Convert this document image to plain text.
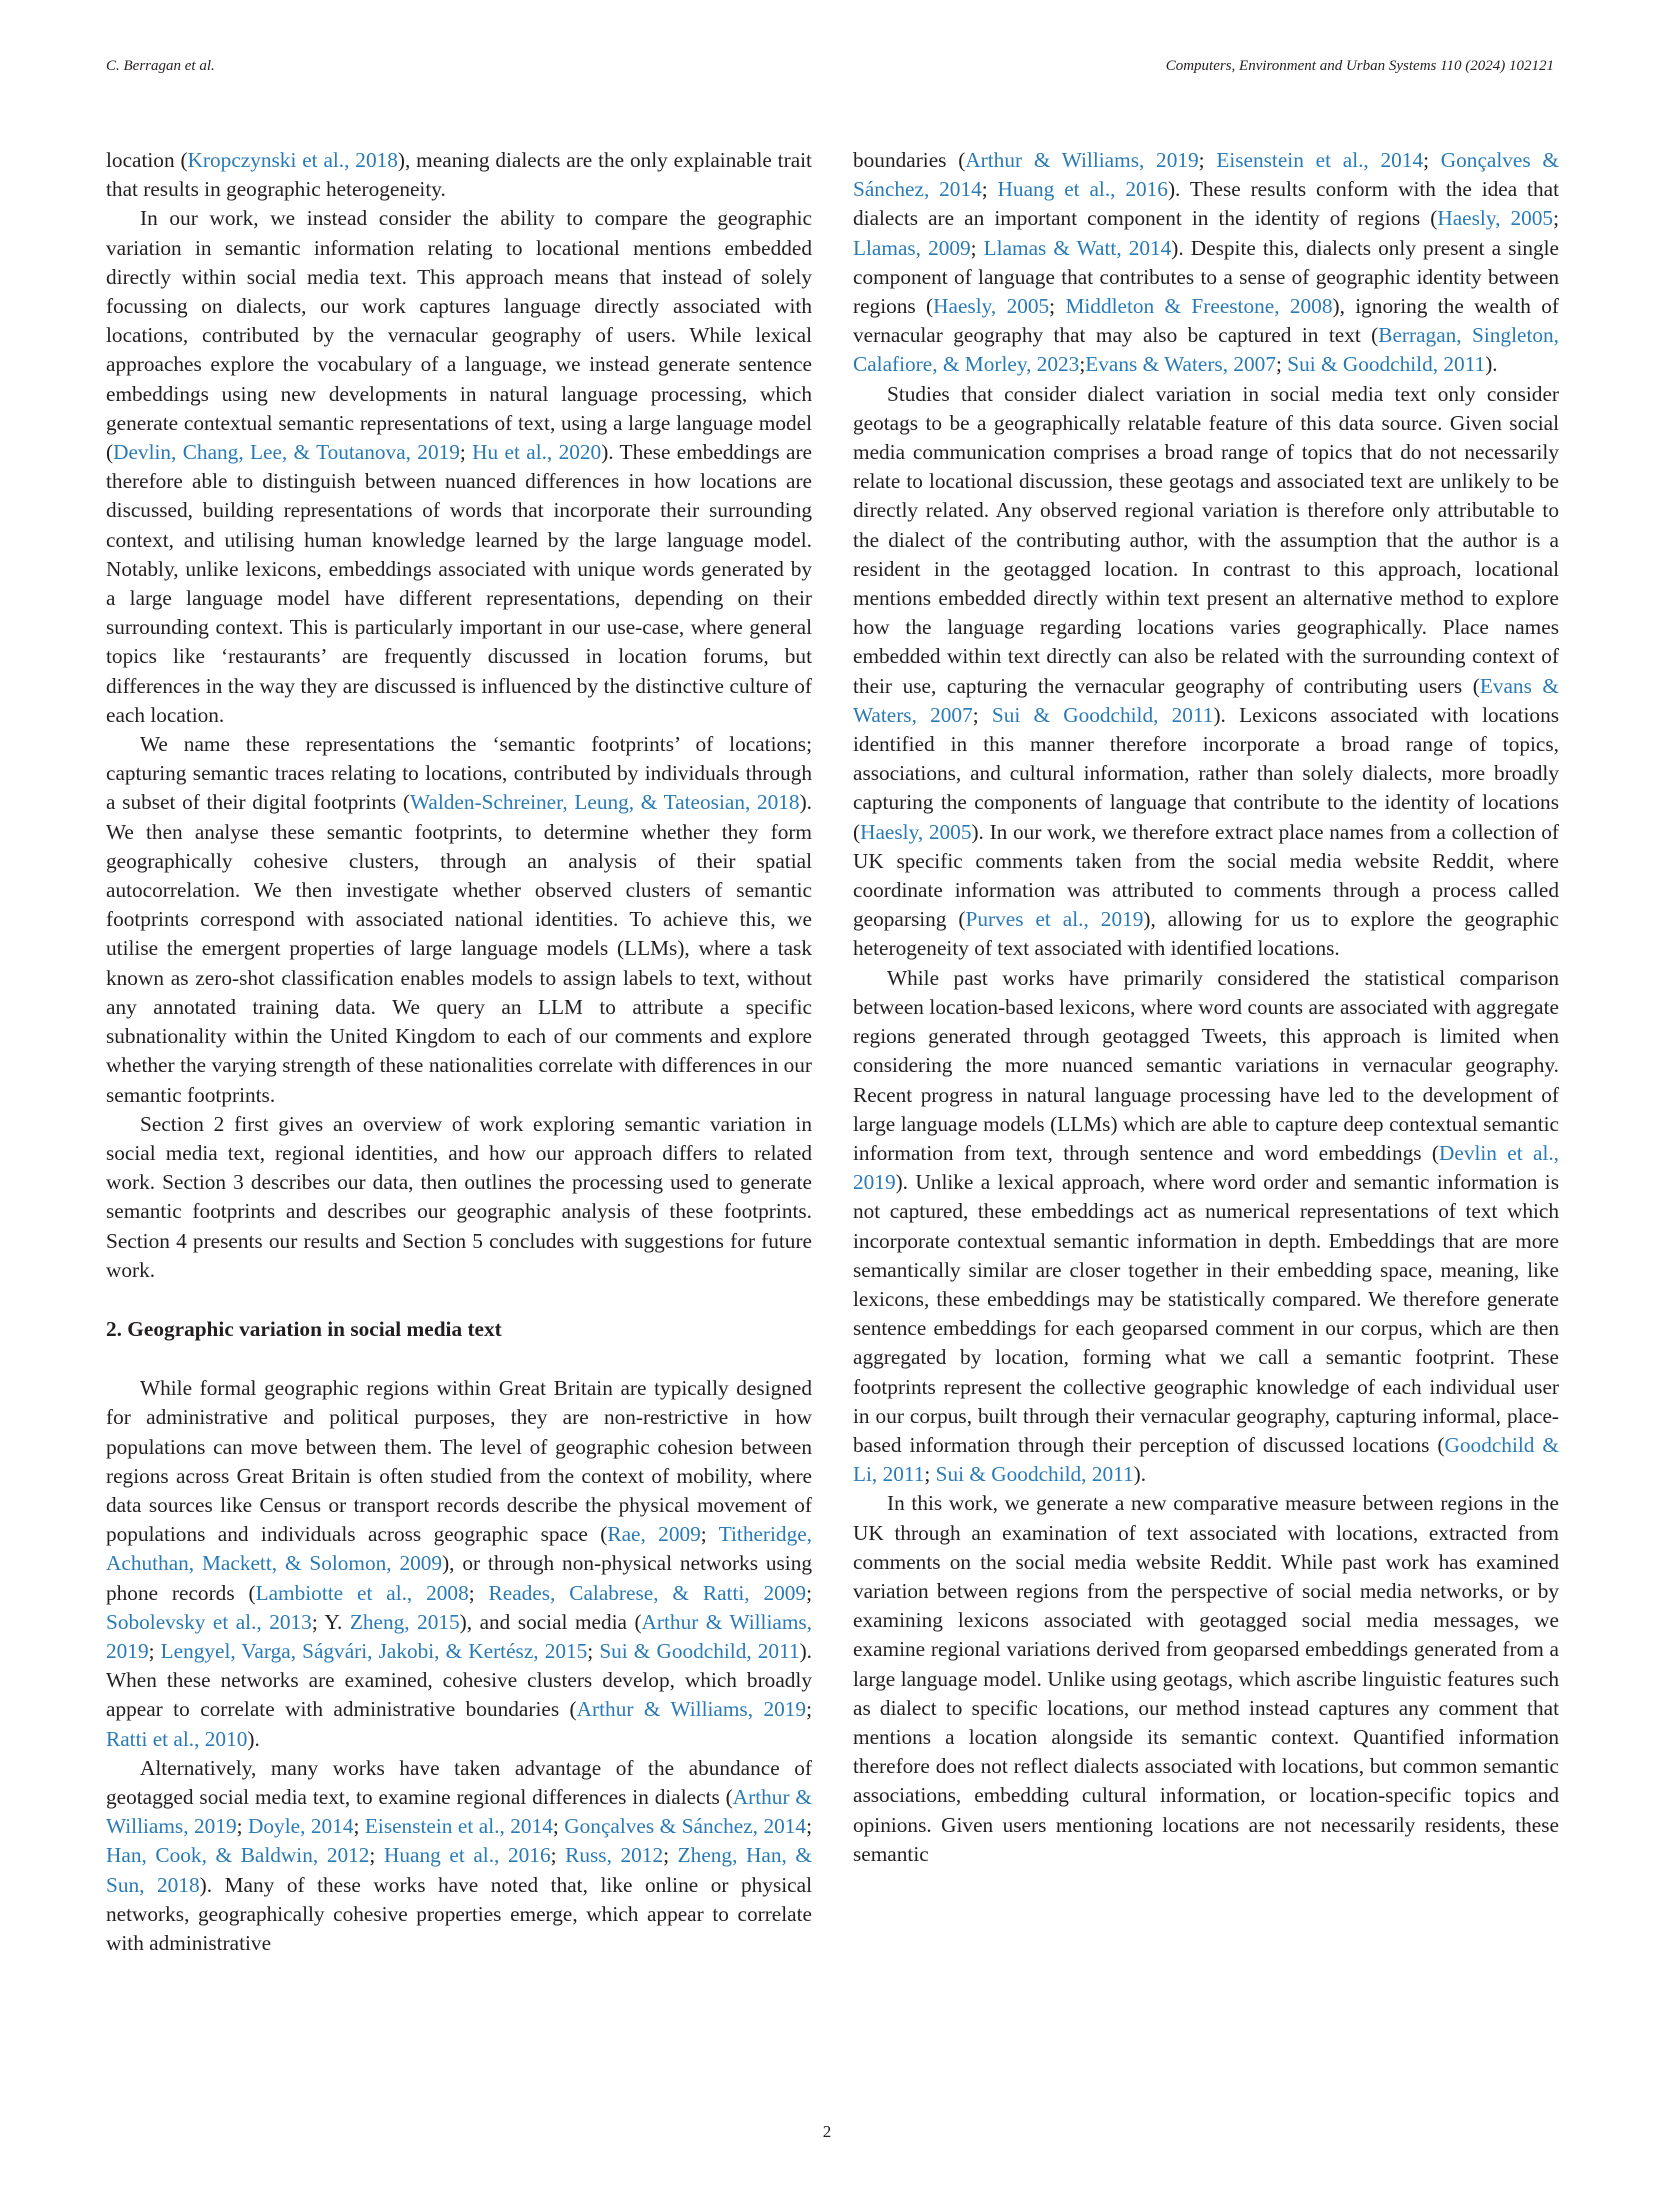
C. Berragan et al.	Computers, Environment and Urban Systems 110 (2024) 102121

location (Kropczynski et al., 2018), meaning dialects are the only explainable trait that results in geographic heterogeneity.

In our work, we instead consider the ability to compare the geographic variation in semantic information relating to locational mentions embedded directly within social media text. This approach means that instead of solely focussing on dialects, our work captures language directly associated with locations, contributed by the vernacular geography of users. While lexical approaches explore the vocabulary of a language, we instead generate sentence embeddings using new developments in natural language processing, which generate contextual semantic representations of text, using a large language model (Devlin, Chang, Lee, & Toutanova, 2019; Hu et al., 2020). These embeddings are therefore able to distinguish between nuanced differences in how locations are discussed, building representations of words that incorporate their surrounding context, and utilising human knowledge learned by the large language model. Notably, unlike lexicons, embeddings associated with unique words generated by a large language model have different representations, depending on their surrounding context. This is particularly important in our use-case, where general topics like ‘restaurants’ are frequently discussed in location forums, but differences in the way they are discussed is influenced by the distinctive culture of each location.

We name these representations the ‘semantic footprints’ of locations; capturing semantic traces relating to locations, contributed by individuals through a subset of their digital footprints (Walden-Schreiner, Leung, & Tateosian, 2018). We then analyse these semantic footprints, to determine whether they form geographically cohesive clusters, through an analysis of their spatial autocorrelation. We then investigate whether observed clusters of semantic footprints correspond with associated national identities. To achieve this, we utilise the emergent properties of large language models (LLMs), where a task known as zero-shot classification enables models to assign labels to text, without any annotated training data. We query an LLM to attribute a specific subnationality within the United Kingdom to each of our comments and explore whether the varying strength of these nationalities correlate with differences in our semantic footprints.

Section 2 first gives an overview of work exploring semantic variation in social media text, regional identities, and how our approach differs to related work. Section 3 describes our data, then outlines the processing used to generate semantic footprints and describes our geographic analysis of these footprints. Section 4 presents our results and Section 5 concludes with suggestions for future work.

2. Geographic variation in social media text

While formal geographic regions within Great Britain are typically designed for administrative and political purposes, they are non-restrictive in how populations can move between them. The level of geographic cohesion between regions across Great Britain is often studied from the context of mobility, where data sources like Census or transport records describe the physical movement of populations and individuals across geographic space (Rae, 2009; Titheridge, Achuthan, Mackett, & Solomon, 2009), or through non-physical networks using phone records (Lambiotte et al., 2008; Reades, Calabrese, & Ratti, 2009; Sobolevsky et al., 2013; Y. Zheng, 2015), and social media (Arthur & Williams, 2019; Lengyel, Varga, Ságvári, Jakobi, & Kertész, 2015; Sui & Goodchild, 2011). When these networks are examined, cohesive clusters develop, which broadly appear to correlate with administrative boundaries (Arthur & Williams, 2019; Ratti et al., 2010).

Alternatively, many works have taken advantage of the abundance of geotagged social media text, to examine regional differences in dialects (Arthur & Williams, 2019; Doyle, 2014; Eisenstein et al., 2014; Gonçalves & Sánchez, 2014; Han, Cook, & Baldwin, 2012; Huang et al., 2016; Russ, 2012; Zheng, Han, & Sun, 2018). Many of these works have noted that, like online or physical networks, geographically cohesive properties emerge, which appear to correlate with administrative

boundaries (Arthur & Williams, 2019; Eisenstein et al., 2014; Gonçalves & Sánchez, 2014; Huang et al., 2016). These results conform with the idea that dialects are an important component in the identity of regions (Haesly, 2005; Llamas, 2009; Llamas & Watt, 2014). Despite this, dialects only present a single component of language that contributes to a sense of geographic identity between regions (Haesly, 2005; Middleton & Freestone, 2008), ignoring the wealth of vernacular geography that may also be captured in text (Berragan, Singleton, Calafiore, & Morley, 2023;Evans & Waters, 2007; Sui & Goodchild, 2011).

Studies that consider dialect variation in social media text only consider geotags to be a geographically relatable feature of this data source. Given social media communication comprises a broad range of topics that do not necessarily relate to locational discussion, these geotags and associated text are unlikely to be directly related. Any observed regional variation is therefore only attributable to the dialect of the contributing author, with the assumption that the author is a resident in the geotagged location. In contrast to this approach, locational mentions embedded directly within text present an alternative method to explore how the language regarding locations varies geographically. Place names embedded within text directly can also be related with the surrounding context of their use, capturing the vernacular geography of contributing users (Evans & Waters, 2007; Sui & Goodchild, 2011). Lexicons associated with locations identified in this manner therefore incorporate a broad range of topics, associations, and cultural information, rather than solely dialects, more broadly capturing the components of language that contribute to the identity of locations (Haesly, 2005). In our work, we therefore extract place names from a collection of UK specific comments taken from the social media website Reddit, where coordinate information was attributed to comments through a process called geoparsing (Purves et al., 2019), allowing for us to explore the geographic heterogeneity of text associated with identified locations.

While past works have primarily considered the statistical comparison between location-based lexicons, where word counts are associated with aggregate regions generated through geotagged Tweets, this approach is limited when considering the more nuanced semantic variations in vernacular geography. Recent progress in natural language processing have led to the development of large language models (LLMs) which are able to capture deep contextual semantic information from text, through sentence and word embeddings (Devlin et al., 2019). Unlike a lexical approach, where word order and semantic information is not captured, these embeddings act as numerical representations of text which incorporate contextual semantic information in depth. Embeddings that are more semantically similar are closer together in their embedding space, meaning, like lexicons, these embeddings may be statistically compared. We therefore generate sentence embeddings for each geoparsed comment in our corpus, which are then aggregated by location, forming what we call a semantic footprint. These footprints represent the collective geographic knowledge of each individual user in our corpus, built through their vernacular geography, capturing informal, place-based information through their perception of discussed locations (Goodchild & Li, 2011; Sui & Goodchild, 2011).

In this work, we generate a new comparative measure between regions in the UK through an examination of text associated with locations, extracted from comments on the social media website Reddit. While past work has examined variation between regions from the perspective of social media networks, or by examining lexicons associated with geotagged social media messages, we examine regional variations derived from geoparsed embeddings generated from a large language model. Unlike using geotags, which ascribe linguistic features such as dialect to specific locations, our method instead captures any comment that mentions a location alongside its semantic context. Quantified information therefore does not reflect dialects associated with locations, but common semantic associations, embedding cultural information, or location-specific topics and opinions. Given users mentioning locations are not necessarily residents, these semantic

2
